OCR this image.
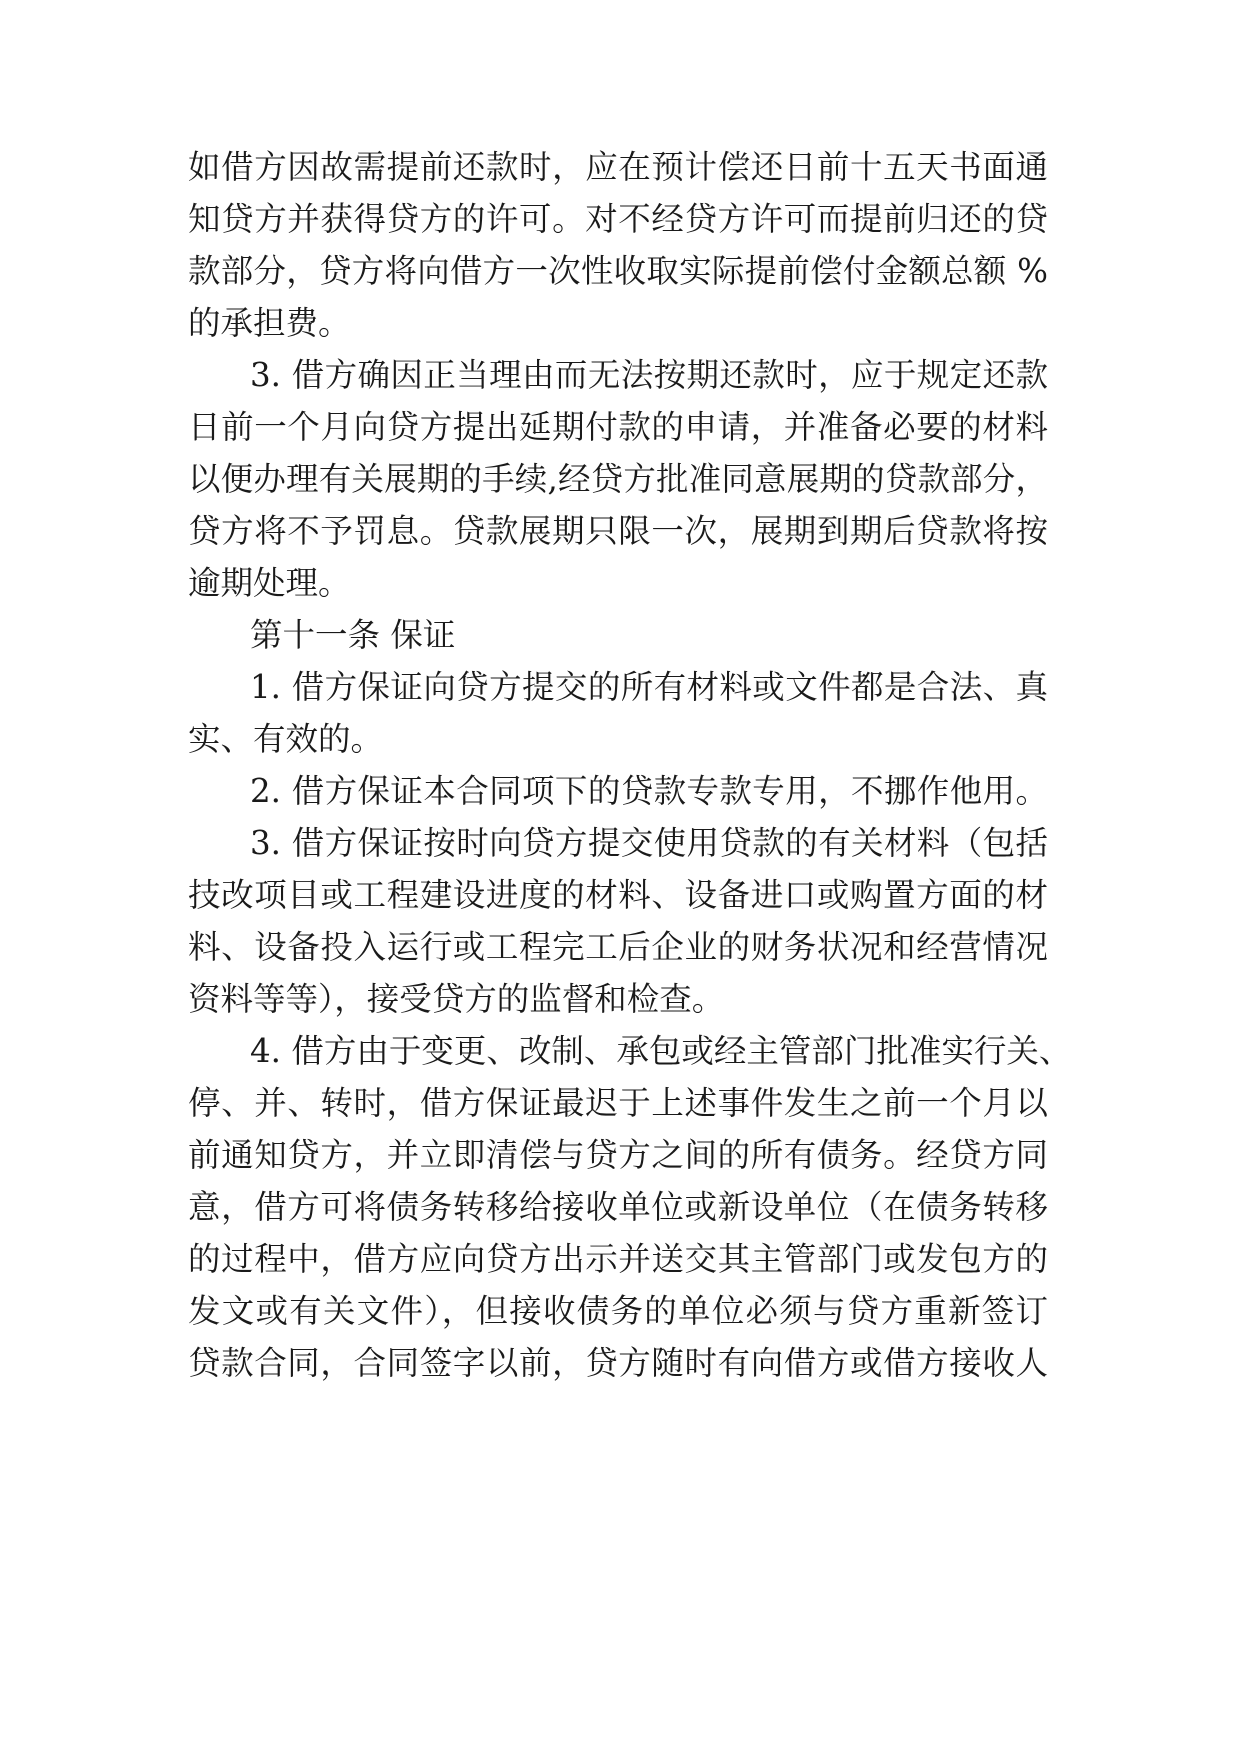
如借方因故需提前还款时，应在预计偿还日前十五天书面通

知贷方并获得贷方的许可。对不经贷方许可而提前归还的贷

款部分，贷方将向借方一次性收取实际提前偿付金额总额 %

的承担费。

3. 借方确因正当理由而无法按期还款时，应于规定还款

日前一个月向贷方提出延期付款的申请，并准备必要的材料

以便办理有关展期的手续,经贷方批准同意展期的贷款部分，

贷方将不予罚息。贷款展期只限一次，展期到期后贷款将按

逾期处理。

第十一条 保证

1. 借方保证向贷方提交的所有材料或文件都是合法、真

实、有效的。

2. 借方保证本合同项下的贷款专款专用，不挪作他用。

3. 借方保证按时向贷方提交使用贷款的有关材料（包括

技改项目或工程建设进度的材料、设备进口或购置方面的材

料、设备投入运行或工程完工后企业的财务状况和经营情况

资料等等），接受贷方的监督和检查。

4. 借方由于变更、改制、承包或经主管部门批准实行关、

停、并、转时，借方保证最迟于上述事件发生之前一个月以

前通知贷方，并立即清偿与贷方之间的所有债务。经贷方同

意，借方可将债务转移给接收单位或新设单位（在债务转移

的过程中，借方应向贷方出示并送交其主管部门或发包方的

发文或有关文件），但接收债务的单位必须与贷方重新签订

贷款合同，合同签字以前，贷方随时有向借方或借方接收人
